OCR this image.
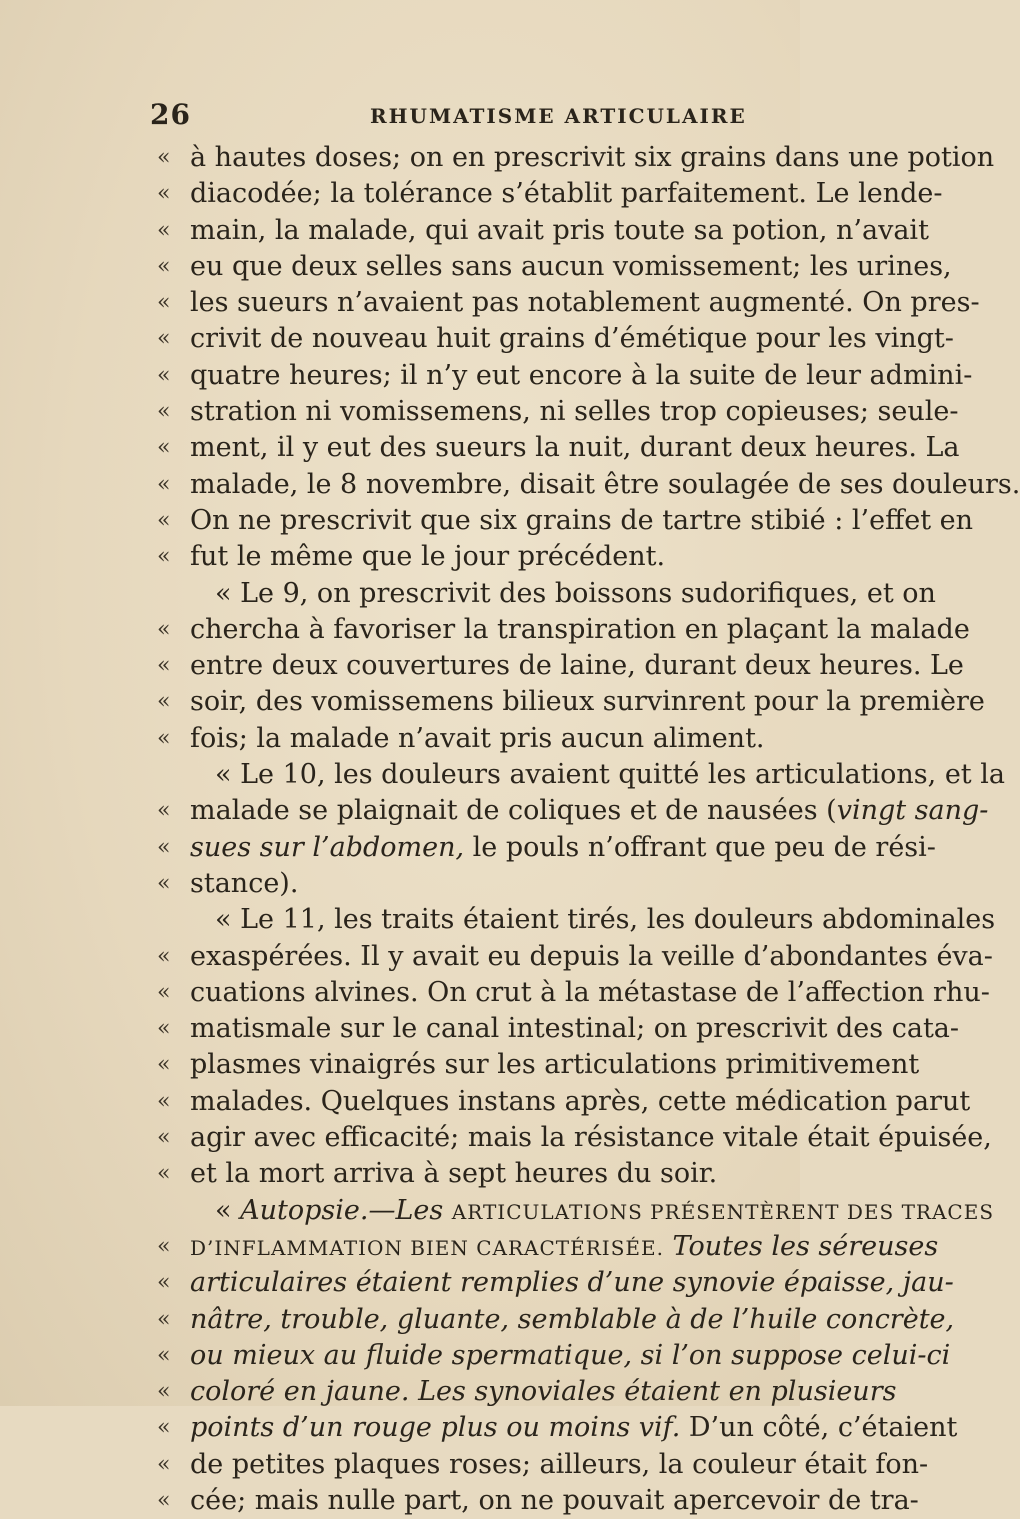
26	RHUMATISME ARTICULAIRE
« à hautes doses; on en prescrivit six grains dans une potion
« diacodée; la tolérance s’établit parfaitement. Le lende-
« main, la malade, qui avait pris toute sa potion, n’avait
« eu que deux selles sans aucun vomissement; les urines,
« les sueurs n’avaient pas notablement augmenté. On pres-
« crivit de nouveau huit grains d’émétique pour les vingt-
« quatre heures; il n’y eut encore à la suite de leur admini-
« stration ni vomissemens, ni selles trop copieuses; seule-
« ment, il y eut des sueurs la nuit, durant deux heures. La
« malade, le 8 novembre, disait être soulagée de ses douleurs.
« On ne prescrivit que six grains de tartre stibié : l’effet en
« fut le même que le jour précédent.
« Le 9, on prescrivit des boissons sudorifiques, et on
« chercha à favoriser la transpiration en plaçant la malade
« entre deux couvertures de laine, durant deux heures. Le
« soir, des vomissemens bilieux survinrent pour la première
« fois; la malade n’avait pris aucun aliment.
« Le 10, les douleurs avaient quitté les articulations, et la
« malade se plaignait de coliques et de nausées (vingt sang-
« sues sur l’abdomen, le pouls n’offrant que peu de rési-
« stance).
« Le 11, les traits étaient tirés, les douleurs abdominales
« exaspérées. Il y avait eu depuis la veille d’abondantes éva-
« cuations alvines. On crut à la métastase de l’affection rhu-
« matismale sur le canal intestinal; on prescrivit des cata-
« plasmes vinaigrés sur les articulations primitivement
« malades. Quelques instans après, cette médication parut
« agir avec efficacité; mais la résistance vitale était épuisée,
« et la mort arriva à sept heures du soir.
« Autopsie.—Les ARTICULATIONS PRÉSENTÈRENT DES TRACES
« D’INFLAMMATION BIEN CARACTÉRISÉE. Toutes les séreuses
« articulaires étaient remplies d’une synovie épaisse, jau-
« nâtre, trouble, gluante, semblable à de l’huile concrète,
« ou mieux au fluide spermatique, si l’on suppose celui-ci
« coloré en jaune. Les synoviales étaient en plusieurs
« points d’un rouge plus ou moins vif. D’un côté, c’étaient
« de petites plaques roses; ailleurs, la couleur était fon-
« cée; mais nulle part, on ne pouvait apercevoir de tra-
